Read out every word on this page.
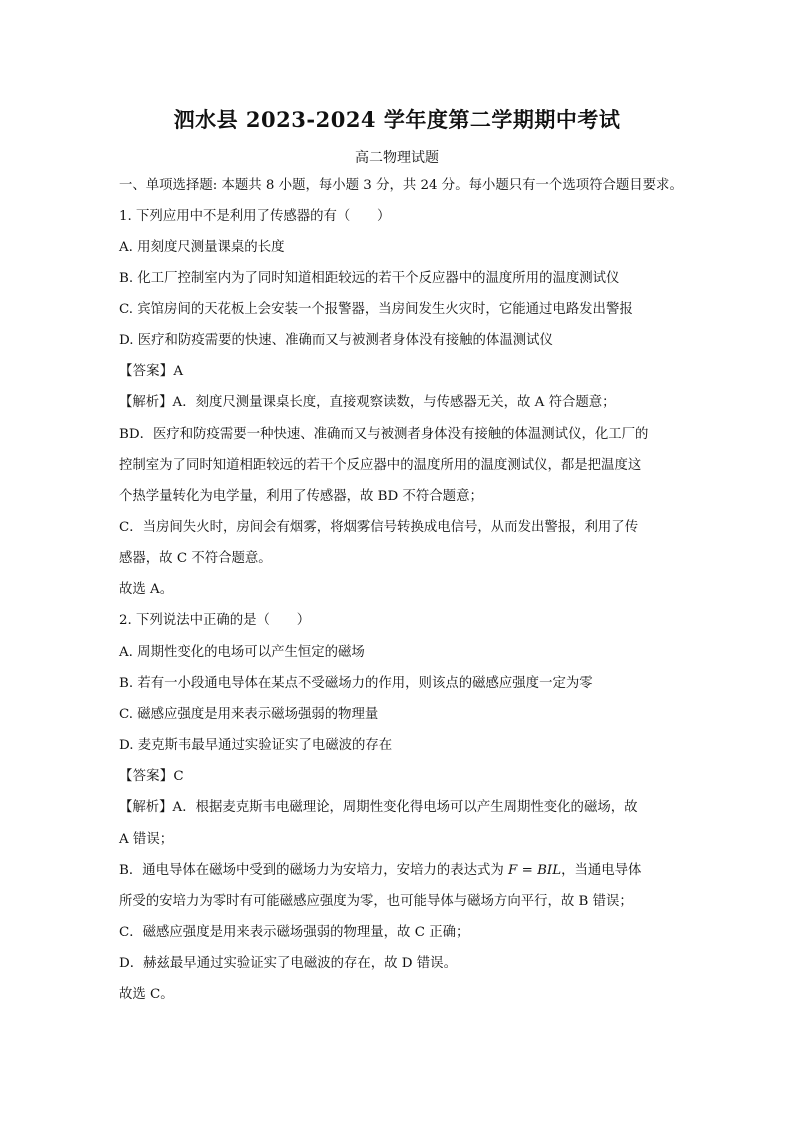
泗水县 2023-2024 学年度第二学期期中考试
高二物理试题
一、单项选择题: 本题共 8 小题，每小题 3 分，共 24 分。每小题只有一个选项符合题目要求。
1. 下列应用中不是利用了传感器的有（　　）
A. 用刻度尺测量课桌的长度
B. 化工厂控制室内为了同时知道相距较远的若干个反应器中的温度所用的温度测试仪
C. 宾馆房间的天花板上会安装一个报警器，当房间发生火灾时，它能通过电路发出警报
D. 医疗和防疫需要的快速、准确而又与被测者身体没有接触的体温测试仪
【答案】A
【解析】A．刻度尺测量课桌长度，直接观察读数，与传感器无关，故 A 符合题意；
BD．医疗和防疫需要一种快速、准确而又与被测者身体没有接触的体温测试仪，化工厂的
控制室为了同时知道相距较远的若干个反应器中的温度所用的温度测试仪，都是把温度这
个热学量转化为电学量，利用了传感器，故 BD 不符合题意；
C．当房间失火时，房间会有烟雾，将烟雾信号转换成电信号，从而发出警报，利用了传
感器，故 C 不符合题意。
故选 A。
2. 下列说法中正确的是（　　）
A. 周期性变化的电场可以产生恒定的磁场
B. 若有一小段通电导体在某点不受磁场力的作用，则该点的磁感应强度一定为零
C. 磁感应强度是用来表示磁场强弱的物理量
D. 麦克斯韦最早通过实验证实了电磁波的存在
【答案】C
【解析】A．根据麦克斯韦电磁理论，周期性变化得电场可以产生周期性变化的磁场，故
A 错误；
B．通电导体在磁场中受到的磁场力为安培力，安培力的表达式为 F = BIL，当通电导体
所受的安培力为零时有可能磁感应强度为零，也可能导体与磁场方向平行，故 B 错误；
C．磁感应强度是用来表示磁场强弱的物理量，故 C 正确；
D．赫兹最早通过实验证实了电磁波的存在，故 D 错误。
故选 C。
